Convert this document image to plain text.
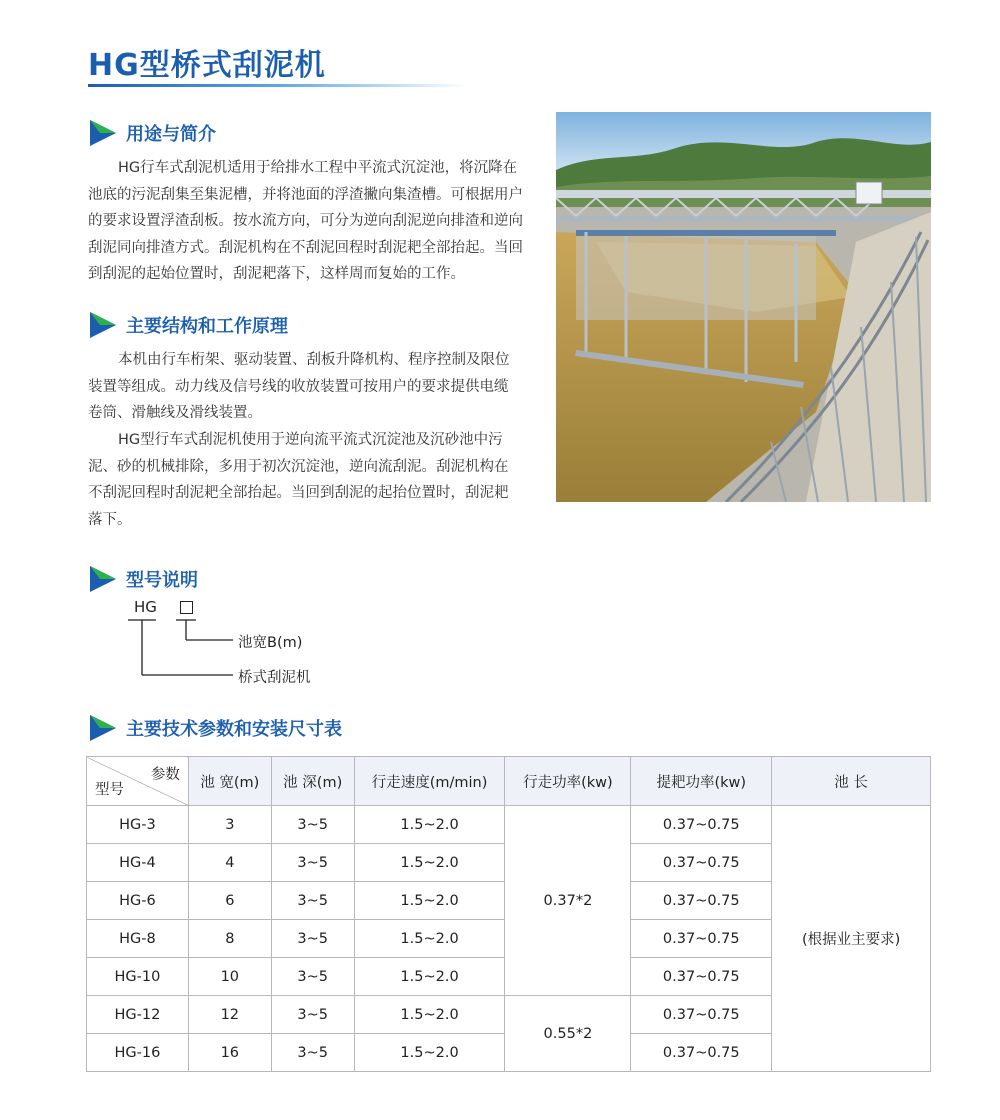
HG型桥式刮泥机
用途与简介

HG行车式刮泥机适用于给排水工程中平流式沉淀池，将沉降在
池底的污泥刮集至集泥槽，并将池面的浮渣撇向集渣槽。可根据用户
的要求设置浮渣刮板。按水流方向，可分为逆向刮泥逆向排渣和逆向
刮泥同向排渣方式。刮泥机构在不刮泥回程时刮泥耙全部抬起。当回
到刮泥的起始位置时，刮泥耙落下，这样周而复始的工作。

主要结构和工作原理

本机由行车桁架、驱动装置、刮板升降机构、程序控制及限位
装置等组成。动力线及信号线的收放装置可按用户的要求提供电缆
卷筒、滑触线及滑线装置。

HG型行车式刮泥机使用于逆向流平流式沉淀池及沉砂池中污
泥、砂的机械排除，多用于初次沉淀池，逆向流刮泥。刮泥机构在
不刮泥回程时刮泥耙全部抬起。当回到刮泥的起抬位置时，刮泥耙
落下。

型号说明
HG
池宽B(m)
桥式刮泥机
主要技术参数和安装尺寸表
参数
型号	池 宽(m)	池 深(m)	行走速度(m/min)	行走功率(kw)	提耙功率(kw)	池 长
HG-3	3	3~5	1.5~2.0	0.37*2	0.37~0.75	(根据业主要求)
HG-4	4	3~5	1.5~2.0		0.37~0.75	
HG-6	6	3~5	1.5~2.0		0.37~0.75	
HG-8	8	3~5	1.5~2.0		0.37~0.75	
HG-10	10	3~5	1.5~2.0		0.37~0.75	
HG-12	12	3~5	1.5~2.0	0.55*2	0.37~0.75	
HG-16	16	3~5	1.5~2.0		0.37~0.75	
